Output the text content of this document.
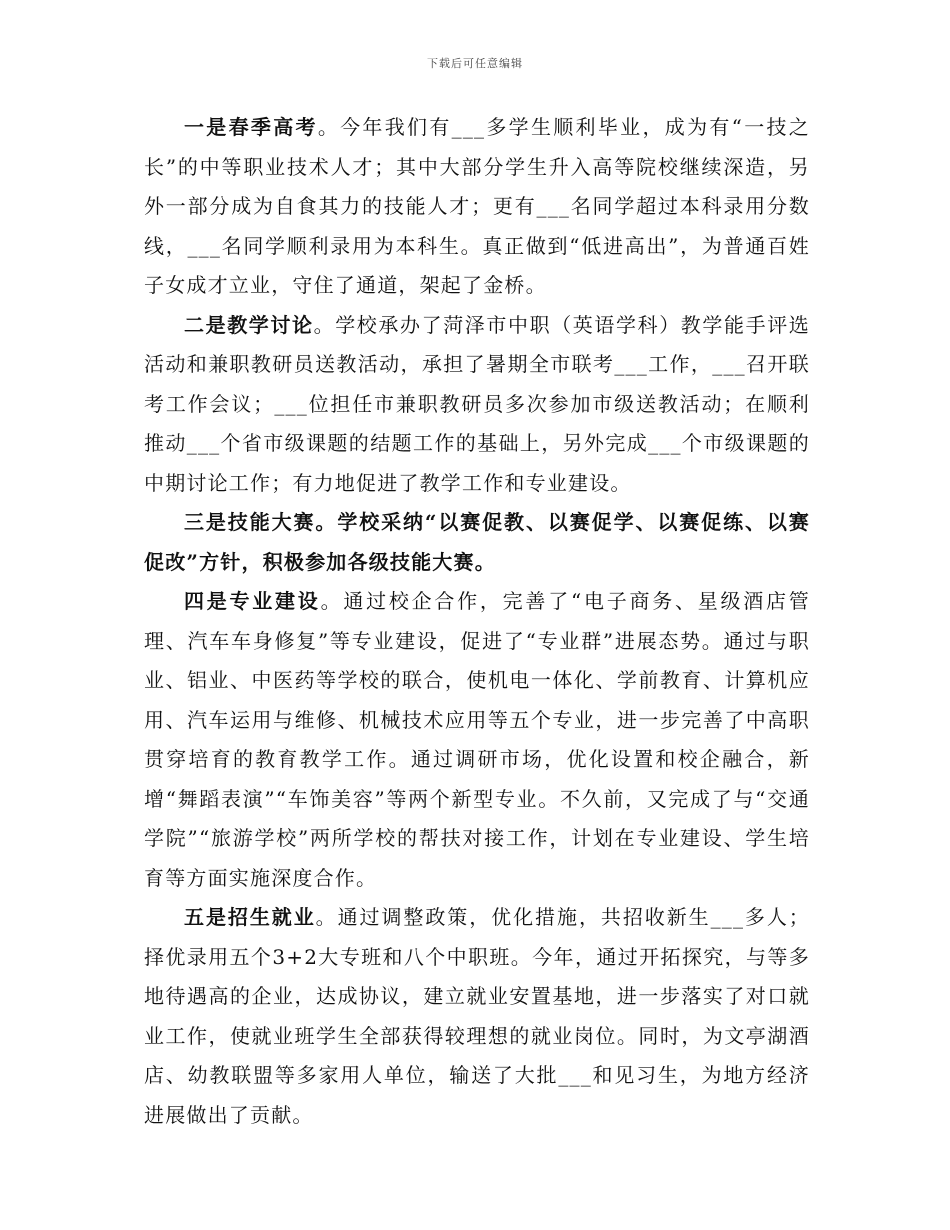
下载后可任意编辑

一是春季高考。今年我们有___多学生顺利毕业，成为有“一技之长”的中等职业技术人才；其中大部分学生升入高等院校继续深造，另外一部分成为自食其力的技能人才；更有___名同学超过本科录用分数线，___名同学顺利录用为本科生。真正做到“低进高出”，为普通百姓子女成才立业，守住了通道，架起了金桥。

二是教学讨论。学校承办了菏泽市中职（英语学科）教学能手评选活动和兼职教研员送教活动，承担了暑期全市联考___工作，___召开联考工作会议；___位担任市兼职教研员多次参加市级送教活动；在顺利推动___个省市级课题的结题工作的基础上，另外完成___个市级课题的中期讨论工作；有力地促进了教学工作和专业建设。

三是技能大赛。学校采纳“以赛促教、以赛促学、以赛促练、以赛促改”方针，积极参加各级技能大赛。

四是专业建设。通过校企合作，完善了“电子商务、星级酒店管理、汽车车身修复”等专业建设，促进了“专业群”进展态势。通过与职业、铝业、中医药等学校的联合，使机电一体化、学前教育、计算机应用、汽车运用与维修、机械技术应用等五个专业，进一步完善了中高职贯穿培育的教育教学工作。通过调研市场，优化设置和校企融合，新增“舞蹈表演”“车饰美容”等两个新型专业。不久前，又完成了与“交通学院”“旅游学校”两所学校的帮扶对接工作，计划在专业建设、学生培育等方面实施深度合作。

五是招生就业。通过调整政策，优化措施，共招收新生___多人；择优录用五个3+2大专班和八个中职班。今年，通过开拓探究，与等多地待遇高的企业，达成协议，建立就业安置基地，进一步落实了对口就业工作，使就业班学生全部获得较理想的就业岗位。同时，为文亭湖酒店、幼教联盟等多家用人单位，输送了大批___和见习生，为地方经济进展做出了贡献。
